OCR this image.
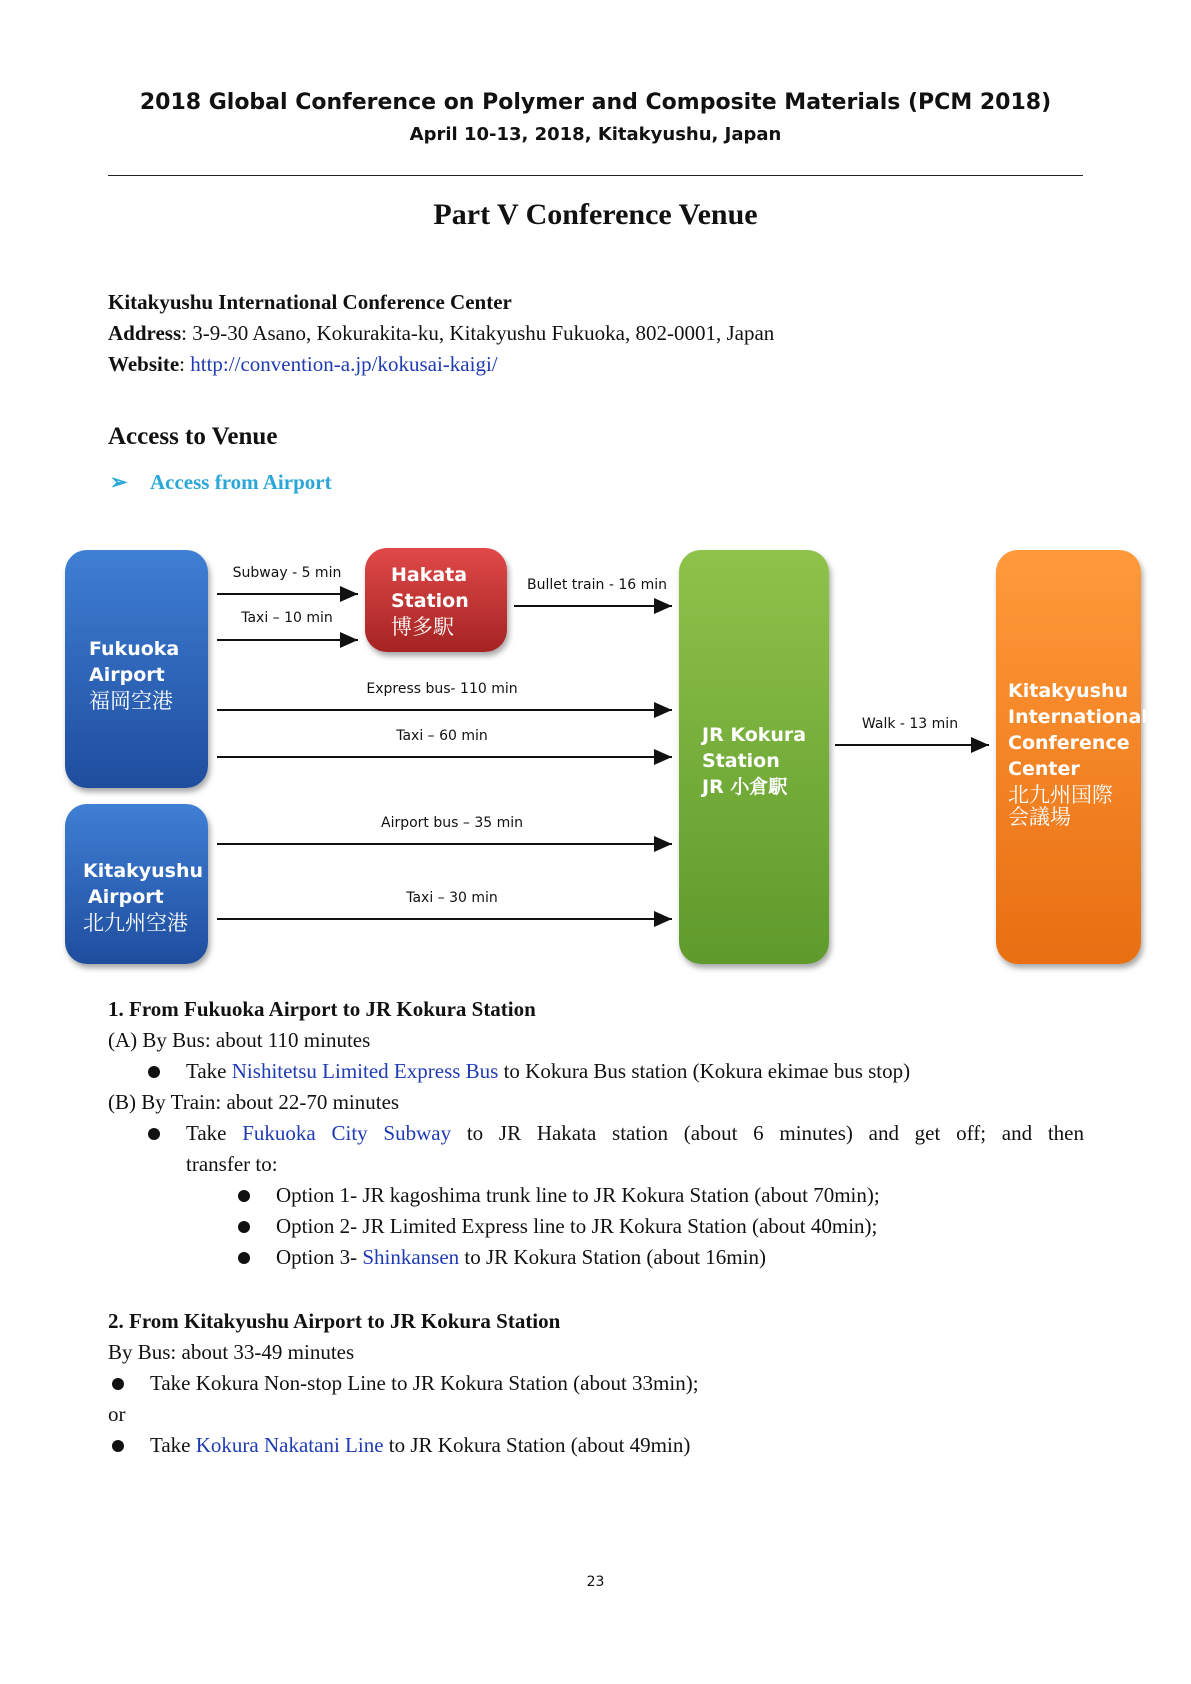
2018 Global Conference on Polymer and Composite Materials (PCM 2018)
April 10-13, 2018, Kitakyushu, Japan
Part V Conference Venue
Kitakyushu International Conference Center
Address: 3-9-30 Asano, Kokurakita-ku, Kitakyushu Fukuoka, 802-0001, Japan
Website: http://convention-a.jp/kokusai-kaigi/
Access to Venue
➢ Access from Airport
Fukuoka
Airport
福岡空港
Kitakyushu
Airport
北九州空港
Hakata
Station
博多駅
JR Kokura
Station
JR 小倉駅
Kitakyushu
International
Conference
Center
北九州国際
会議場
Subway - 5 min
Taxi – 10 min
Bullet train - 16 min
Express bus- 110 min
Taxi – 60 min
Walk - 13 min
Airport bus – 35 min
Taxi – 30 min
1. From Fukuoka Airport to JR Kokura Station
(A) By Bus: about 110 minutes
Take Nishitetsu Limited Express Bus to Kokura Bus station (Kokura ekimae bus stop)
(B) By Train: about 22-70 minutes
Take Fukuoka City Subway to JR Hakata station (about 6 minutes) and get off; and then
transfer to:
Option 1- JR kagoshima trunk line to JR Kokura Station (about 70min);
Option 2- JR Limited Express line to JR Kokura Station (about 40min);
Option 3- Shinkansen to JR Kokura Station (about 16min)
2. From Kitakyushu Airport to JR Kokura Station
By Bus: about 33-49 minutes
Take Kokura Non-stop Line to JR Kokura Station (about 33min);
or
Take Kokura Nakatani Line to JR Kokura Station (about 49min)
23
